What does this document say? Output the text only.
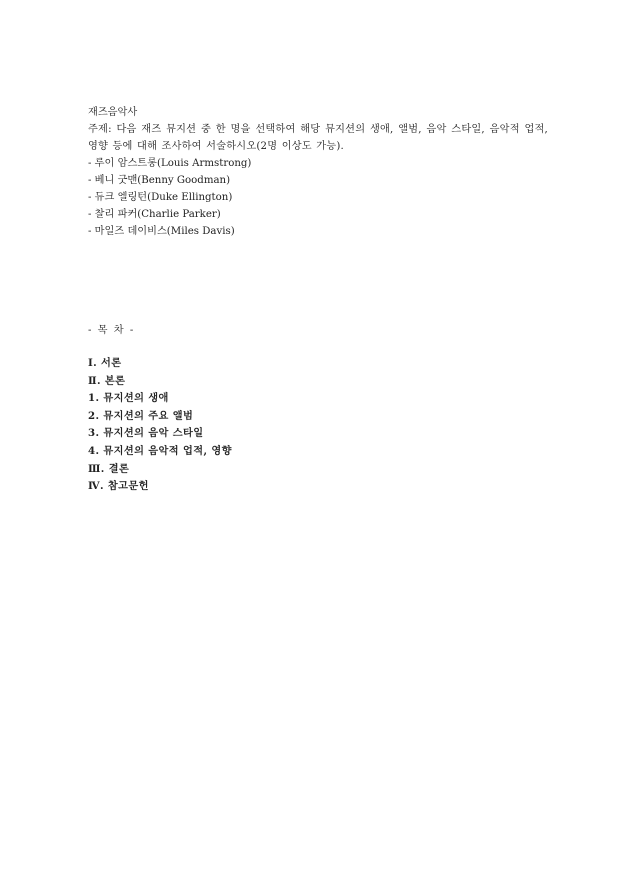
재즈음악사
주제: 다음 재즈 뮤지션 중 한 명을 선택하여 해당 뮤지션의 생애, 앨범, 음악 스타일, 음악적 업적, 영향 등에 대해 조사하여 서술하시오(2명 이상도 가능).
- 루이 암스트롱(Louis Armstrong)
- 베니 굿맨(Benny Goodman)
- 듀크 엘링턴(Duke Ellington)
- 찰리 파커(Charlie Parker)
- 마일즈 데이비스(Miles Davis)
- 목 차 -
Ⅰ. 서론
Ⅱ. 본론
1. 뮤지션의 생애
2. 뮤지션의 주요 앨범
3. 뮤지션의 음악 스타일
4. 뮤지션의 음악적 업적, 영향
Ⅲ. 결론
Ⅳ. 참고문헌
